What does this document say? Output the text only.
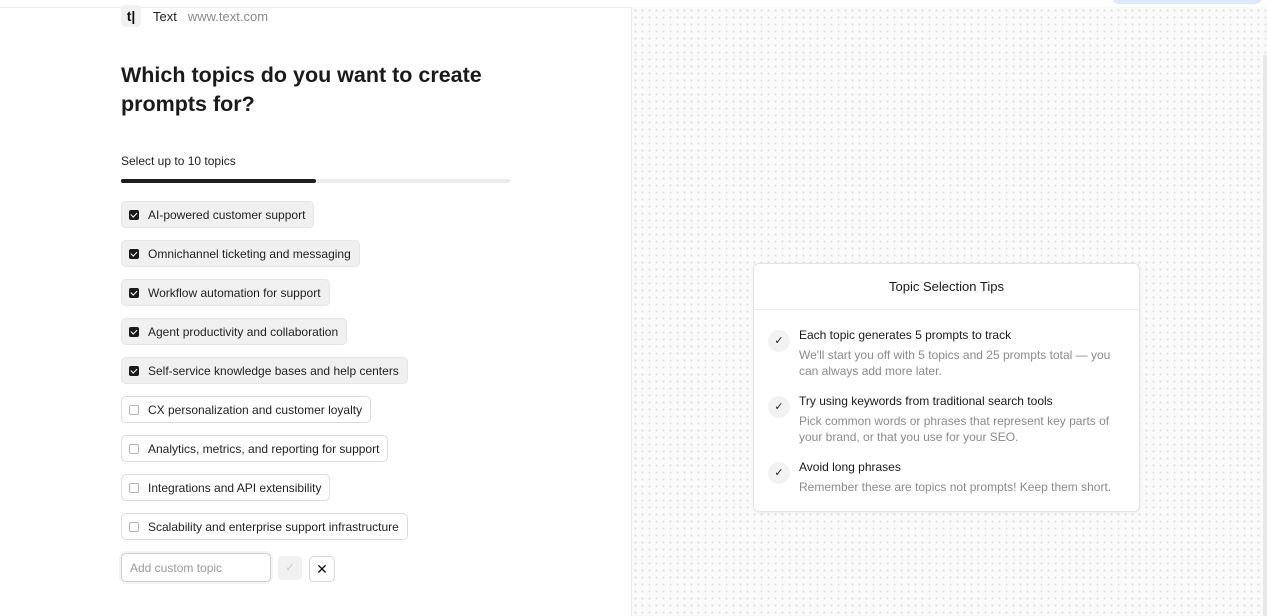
t|	Text www.text.com
Which topics do you want to create prompts for?
Select up to 10 topics
AI-powered customer support
Omnichannel ticketing and messaging
Workflow automation for support
Agent productivity and collaboration
Self-service knowledge bases and help centers
CX personalization and customer loyalty
Analytics, metrics, and reporting for support
Integrations and API extensibility
Scalability and enterprise support infrastructure
Add custom topic
✓	✕
Topic Selection Tips
✓	Each topic generates 5 prompts to track
We'll start you off with 5 topics and 25 prompts total — you can always add more later.
✓	Try using keywords from traditional search tools
Pick common words or phrases that represent key parts of your brand, or that you use for your SEO.
✓	Avoid long phrases
Remember these are topics not prompts! Keep them short.
